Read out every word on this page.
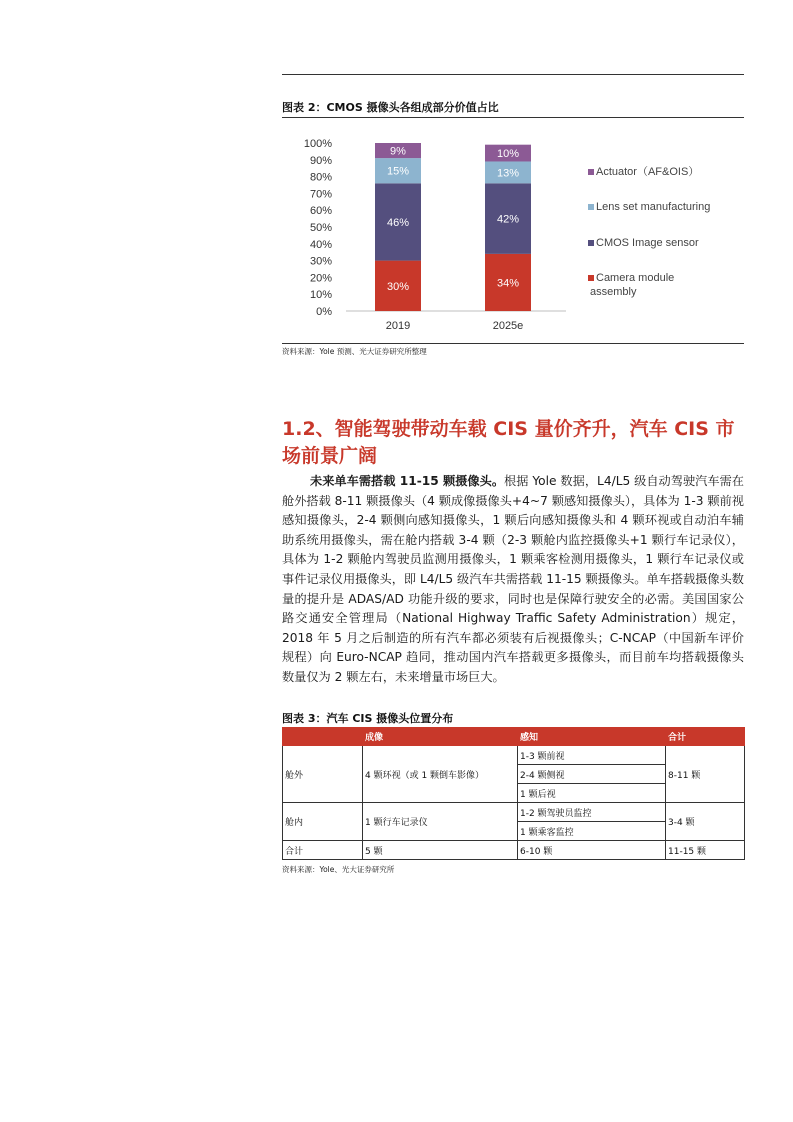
图表 2：CMOS 摄像头各组成部分价值占比
0%
10%
20%
30%
40%
50%
60%
70%
80%
90%
100%
30%
46%
15%
9%
34%
42%
13%
10%
2019	2025e
Actuator（AF&OIS）
Lens set manufacturing
CMOS Image sensor
Camera module assembly
资料来源：Yole 预测、光大证券研究所整理
1.2、智能驾驶带动车载 CIS 量价齐升，汽车 CIS 市场前景广阔
未来单车需搭载 11-15 颗摄像头。根据 Yole 数据，L4/L5 级自动驾驶汽车需在舱外搭载 8-11 颗摄像头（4 颗成像摄像头+4~7 颗感知摄像头），具体为 1-3 颗前视感知摄像头，2-4 颗侧向感知摄像头，1 颗后向感知摄像头和 4 颗环视或自动泊车辅助系统用摄像头，需在舱内搭载 3-4 颗（2-3 颗舱内监控摄像头+1 颗行车记录仪），具体为 1-2 颗舱内驾驶员监测用摄像头，1 颗乘客检测用摄像头，1 颗行车记录仪或事件记录仪用摄像头，即 L4/L5 级汽车共需搭载 11-15 颗摄像头。单车搭载摄像头数量的提升是 ADAS/AD 功能升级的要求，同时也是保障行驶安全的必需。美国国家公路交通安全管理局（National Highway Traffic Safety Administration）规定，2018 年 5 月之后制造的所有汽车都必须装有后视摄像头；C-NCAP（中国新车评价规程）向 Euro-NCAP 趋同，推动国内汽车搭载更多摄像头，而目前车均搭载摄像头数量仅为 2 颗左右，未来增量市场巨大。
图表 3：汽车 CIS 摄像头位置分布
	成像	感知	合计
舱外	4 颗环视（或 1 颗倒车影像）	1-3 颗前视	8-11 颗
		2-4 颗侧视	
		1 颗后视	
舱内	1 颗行车记录仪	1-2 颗驾驶员监控	3-4 颗
		1 颗乘客监控	
合计	5 颗	6-10 颗	11-15 颗
资料来源：Yole、光大证券研究所
